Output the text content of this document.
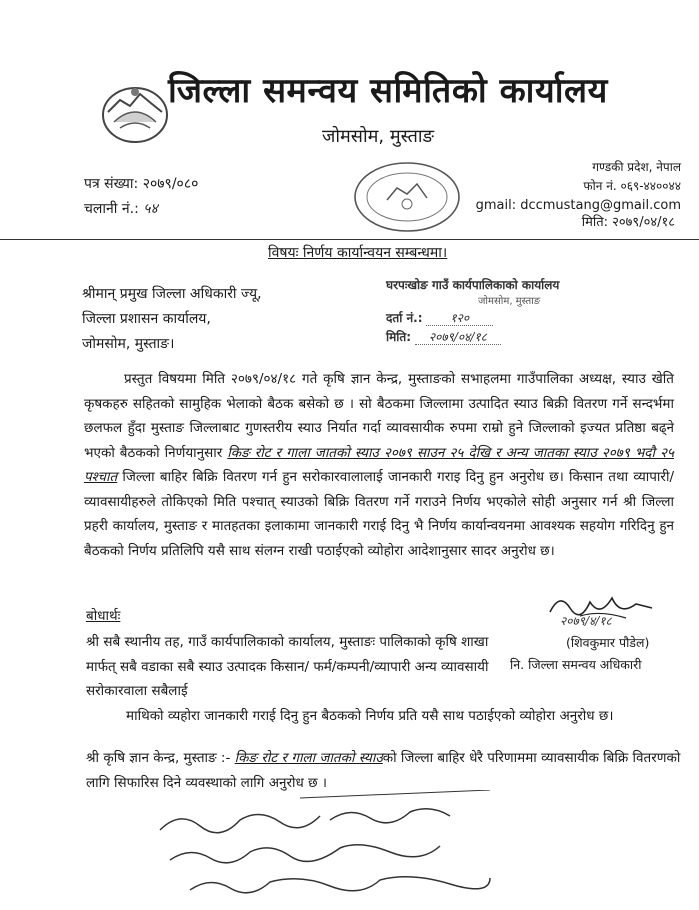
जिल्ला समन्वय समितिको कार्यालय
जोमसोम, मुस्ताङ
गण्डकी प्रदेश, नेपाल
फोन नं. ०६९-४४००४४
gmail: dccmustang@gmail.com
पत्र संख्या: २०७९/०८०
चलानी नं.: ५४
मिति: २०७९/०४/१८
विषयः निर्णय कार्यान्वयन सम्बन्धमा।
श्रीमान् प्रमुख जिल्ला अधिकारी ज्यू,
जिल्ला प्रशासन कार्यालय,
जोमसोम, मुस्ताङ।
घरपःखोङ गाउँ कार्यपालिकाको कार्यालय
जोमसोम, मुस्ताङ
दर्ता नं.: १२०
मिति: २०७९/०४/१८
प्रस्तुत विषयमा मिति २०७९/०४/१८ गते कृषि ज्ञान केन्द्र, मुस्ताङको सभाहलमा गाउँपालिका अध्यक्ष, स्याउ खेति कृषकहरु सहितको सामुहिक भेलाको बैठक बसेको छ । सो बैठकमा जिल्लामा उत्पादित स्याउ बिक्री वितरण गर्ने सन्दर्भमा छलफल हुँदा मुस्ताङ जिल्लाबाट गुणस्तरीय स्याउ निर्यात गर्दा व्यावसायीक रुपमा राम्रो हुने जिल्लाको इज्यत प्रतिष्ठा बढ्ने भएको बैठकको निर्णयानुसार किङ रोट र गाला जातको स्याउ २०७९ साउन २५ देखि र अन्य जातका स्याउ २०७९ भदौ २५ पश्चात जिल्ला बाहिर बिक्रि वितरण गर्न हुन सरोकारवालालाई जानकारी गराइ दिनु हुन अनुरोध छ। किसान तथा व्यापारी/व्यावसायीहरुले तोकिएको मिति पश्चात् स्याउको बिक्रि वितरण गर्ने गराउने निर्णय भएकोले सोही अनुसार गर्न श्री जिल्ला प्रहरी कार्यालय, मुस्ताङ र मातहतका इलाकामा जानकारी गराई दिनु भै निर्णय कार्यान्वयनमा आवश्यक सहयोग गरिदिनु हुन बैठकको निर्णय प्रतिलिपि यसै साथ संलग्न राखी पठाईएको व्योहोरा आदेशानुसार सादर अनुरोध छ।
२०७९/४/१८
(शिवकुमार पौडेल)
नि. जिल्ला समन्वय अधिकारी
बोधार्थः
श्री सबै स्थानीय तह, गाउँ कार्यपालिकाको कार्यालय, मुस्ताङः पालिकाको कृषि शाखा मार्फत् सबै वडाका सबै स्याउ उत्पादक किसान/ फर्म/कम्पनी/व्यापारी अन्य व्यावसायी सरोकारवाला सबैलाई
माथिको व्यहोरा जानकारी गराई दिनु हुन बैठकको निर्णय प्रति यसै साथ पठाईएको व्योहोरा अनुरोध छ।
श्री कृषि ज्ञान केन्द्र, मुस्ताङ :- किङ रोट र गाला जातको स्याउको जिल्ला बाहिर धेरै परिणाममा व्यावसायीक बिक्रि वितरणको लागि सिफारिस दिने व्यवस्थाको लागि अनुरोध छ ।
